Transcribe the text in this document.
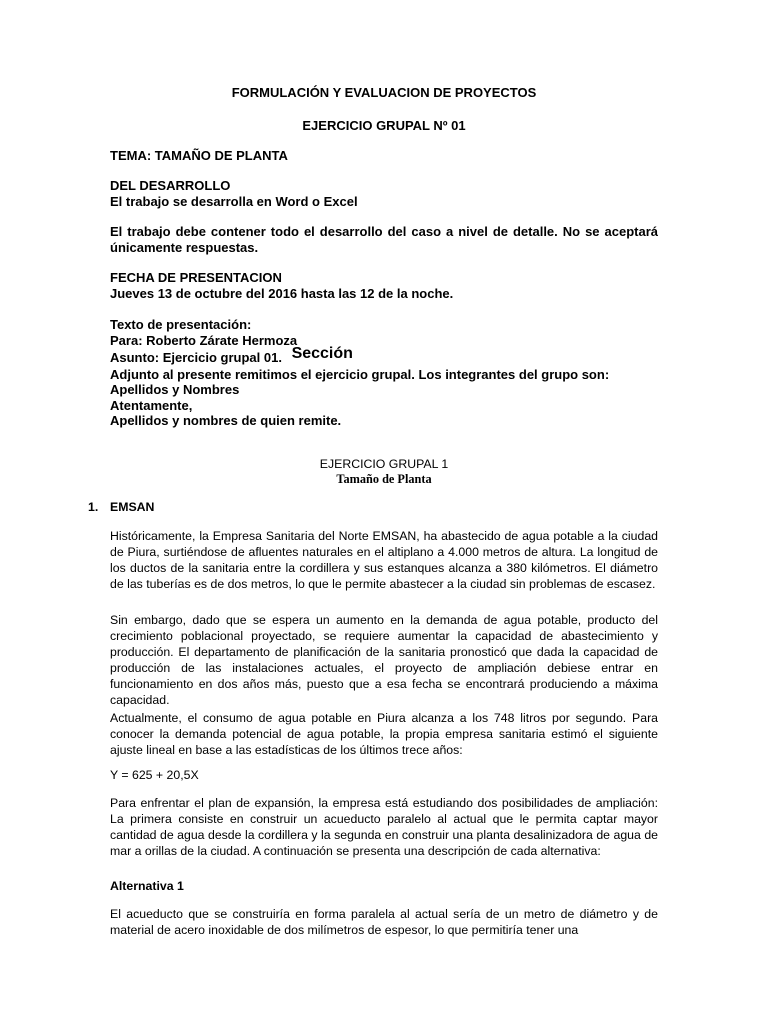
FORMULACIÓN Y EVALUACION DE PROYECTOS

EJERCICIO GRUPAL Nº 01

TEMA: TAMAÑO DE PLANTA

DEL DESARROLLO

El trabajo se desarrolla en Word o Excel

El trabajo debe contener todo el desarrollo del caso a nivel de detalle. No se aceptará únicamente respuestas.

FECHA DE PRESENTACION

Jueves 13 de octubre del 2016 hasta las 12 de la noche.

Texto de presentación:

Para: Roberto Zárate Hermoza

Asunto: Ejercicio grupal 01. Sección

Adjunto al presente remitimos el ejercicio grupal. Los integrantes del grupo son:

Apellidos y Nombres

Atentamente,

Apellidos y nombres de quien remite.

EJERCICIO GRUPAL 1

Tamaño de Planta

1. EMSAN

Históricamente, la Empresa Sanitaria del Norte EMSAN, ha abastecido de agua potable a la ciudad de Piura, surtiéndose de afluentes naturales en el altiplano a 4.000 metros de altura. La longitud de los ductos de la sanitaria entre la cordillera y sus estanques alcanza a 380 kilómetros. El diámetro de las tuberías es de dos metros, lo que le permite abastecer a la ciudad sin problemas de escasez.

Sin embargo, dado que se espera un aumento en la demanda de agua potable, producto del crecimiento poblacional proyectado, se requiere aumentar la capacidad de abastecimiento y producción. El departamento de planificación de la sanitaria pronosticó que dada la capacidad de producción de las instalaciones actuales, el proyecto de ampliación debiese entrar en funcionamiento en dos años más, puesto que a esa fecha se encontrará produciendo a máxima capacidad.

Actualmente, el consumo de agua potable en Piura alcanza a los 748 litros por segundo. Para conocer la demanda potencial de agua potable, la propia empresa sanitaria estimó el siguiente ajuste lineal en base a las estadísticas de los últimos trece años:

Y = 625 + 20,5X

Para enfrentar el plan de expansión, la empresa está estudiando dos posibilidades de ampliación: La primera consiste en construir un acueducto paralelo al actual que le permita captar mayor cantidad de agua desde la cordillera y la segunda en construir una planta desalinizadora de agua de mar a orillas de la ciudad. A continuación se presenta una descripción de cada alternativa:

Alternativa 1

El acueducto que se construiría en forma paralela al actual sería de un metro de diámetro y de material de acero inoxidable de dos milímetros de espesor, lo que permitiría tener una
